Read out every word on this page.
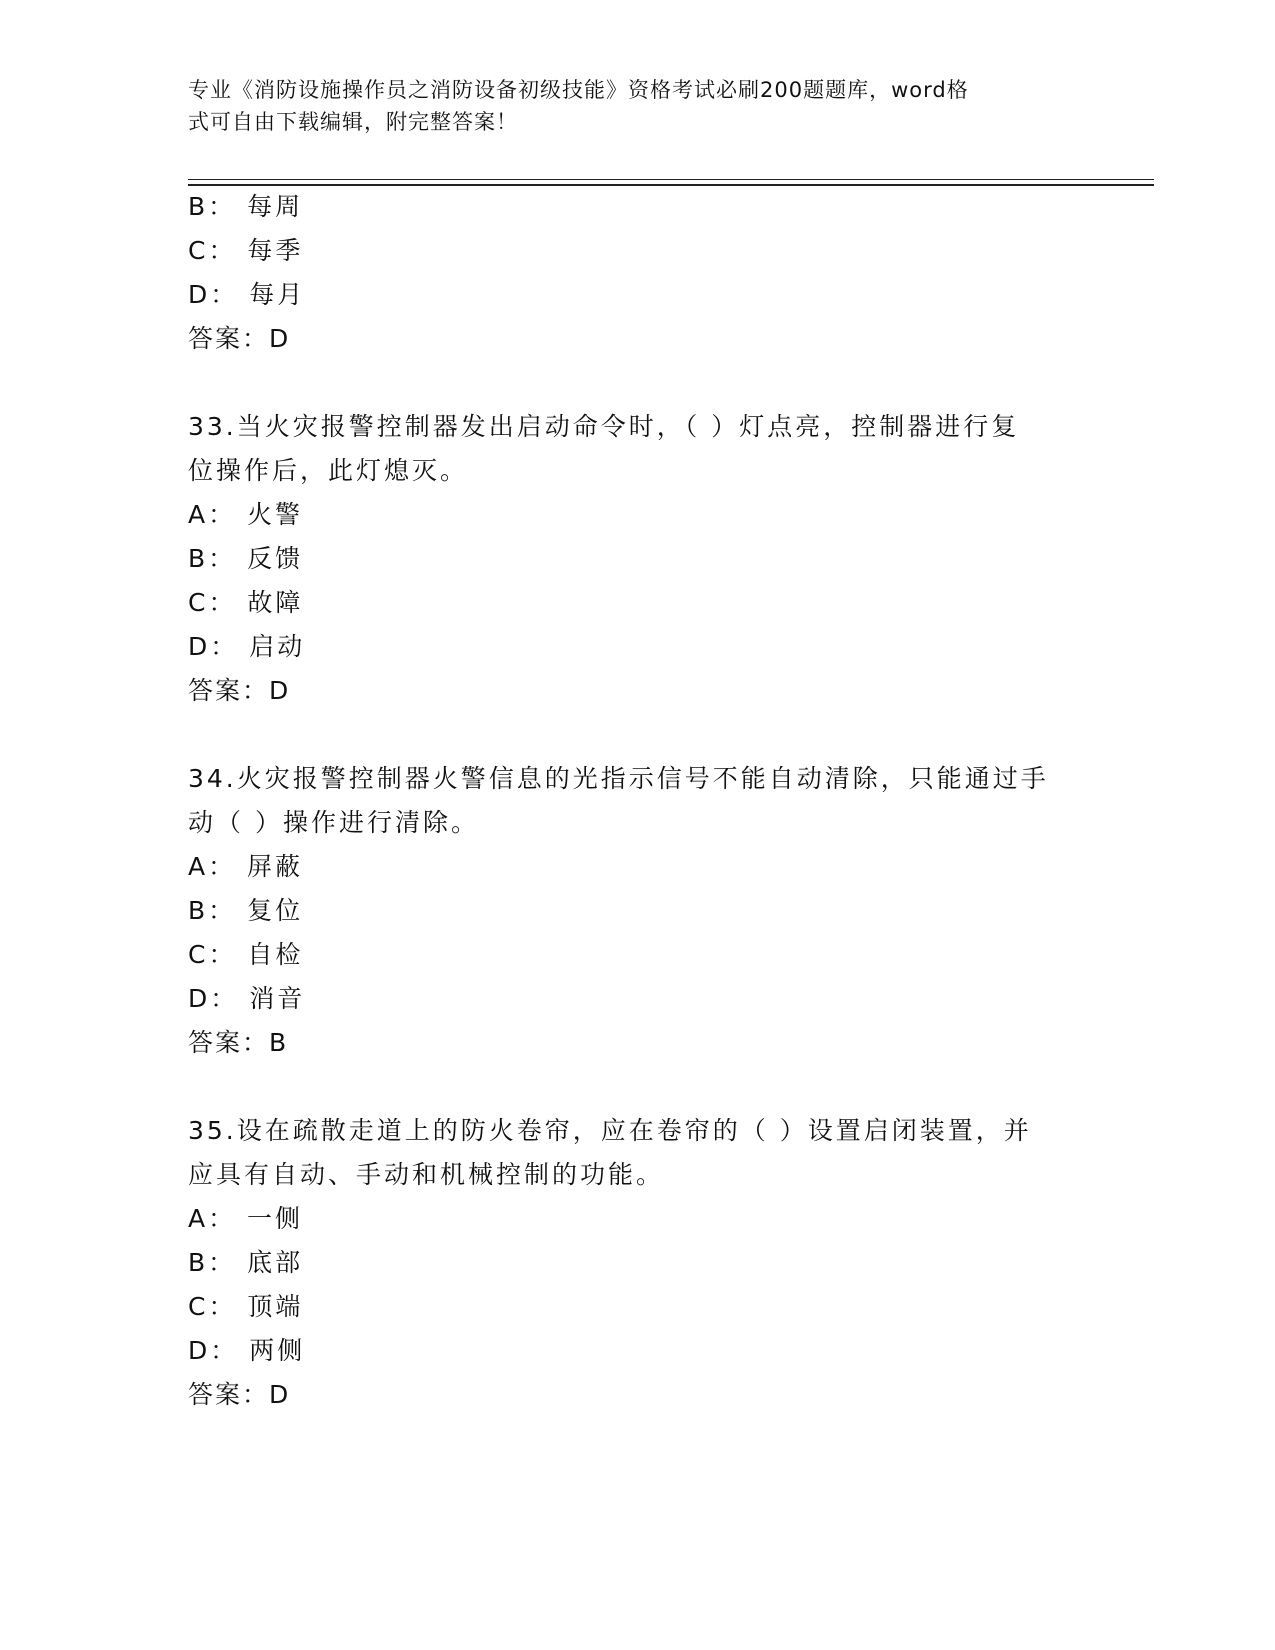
专业《消防设施操作员之消防设备初级技能》资格考试必刷200题题库，word格
式可自由下载编辑，附完整答案！
B： 每周
C： 每季
D： 每月
答案：D
33.当火灾报警控制器发出启动命令时，（ ）灯点亮，控制器进行复
位操作后，此灯熄灭。
A： 火警
B： 反馈
C： 故障
D： 启动
答案：D
34.火灾报警控制器火警信息的光指示信号不能自动清除，只能通过手
动（ ）操作进行清除。
A： 屏蔽
B： 复位
C： 自检
D： 消音
答案：B
35.设在疏散走道上的防火卷帘，应在卷帘的（ ）设置启闭装置，并
应具有自动、手动和机械控制的功能。
A： 一侧
B： 底部
C： 顶端
D： 两侧
答案：D
